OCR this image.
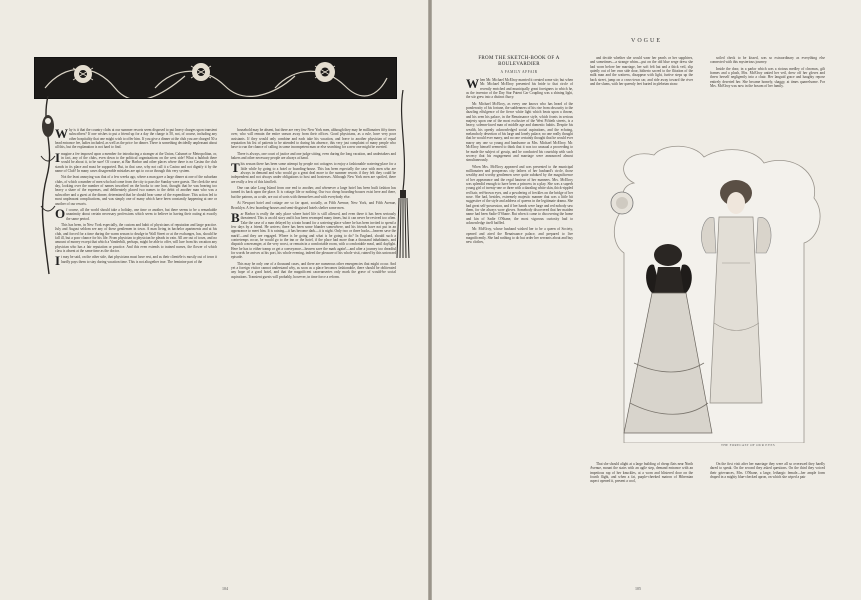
Why is it that the country clubs at our summer resorts seem disposed to put heavy charges upon transient subscribers? If one wishes to put a friend up for a day the charge is 50, not, of course, including any other hospitality that one might wish to offer him. If you give a dinner at the club you are charged 50 a head entrance fee, ladies included, as well as the price for dinner. There is something decidedly unpleasant about all this, but the explanation is not hard to find.

Imagine a fee imposed upon a member for introducing a stranger at the Union, Calumet or Metropolitan, or, in fact, any of the clubs, even down to the political organizations on the west side! What a hubbub there would be about it, to be sure! Of course, at Bar Harbor and other places where there is no Casino the club stands in its place and must be supported. But, in that case, why not call it a Casino and not dignify it by the name of Club? In many cases disagreeable mistakes are apt to occur through this very system.

Not the least annoying was that of a few weeks ago, where a man gave a large dinner at one of the suburban clubs, of which a number of men who had come from the city to pass the Sunday were guests. The clerk the next day, looking over the number of names inscribed on the books to one host, thought that he was bearing too heavy a share of the expenses, and deliberately placed two names to the debit of another man who was a subscriber and a guest at the dinner, determined that he should bear some of the expenditure. This action led to most unpleasant complications, and was simply one of many which have been constantly happening at one or another of our resorts.

Of course, all the world should take a holiday, one time or another, but there seems to be a remarkable unanimity about certain necessary professions which seem to believe in having their outing at exactly the same period.

This has been, in New York especially, the custom and habit of physicians of reputation and large practice. July and August seldom see any of these gentlemen in town. A man living in bachelor apartments and at his club, and forced for a time during the warm season to drudge in Wall Street or at the exchanges, has, should he fall ill, but a poor chance for his life. From physician to physician he pleads in vain. All are out of town, and no amount of money except that which a Vanderbilt, perhaps, might be able to offer, will lure from his vacation any physician who has a fair reputation or practice. And this even extends to trained nurses, the flower of which class is absent at the same time as the doctor.

It may be said, on the other side, that physicians must have rest, and as their clientèle is mostly out of town it hardly pays them to stay during vacation time. This is not altogether true. The feminine part of the

household may be absent, but there are very few New York men, although they may be millionaires fifty times over, who will remain the entire season away from their offices. Good physicians, as a rule, have very poor assistants. If they would only combine and each take his vacation, and leave to another physician of equal reputation his list of patients to be attended to during his absence, this very just complaint of many people who have to run the chance of calling in some incompetent man or else searching for a new one might be averted.

There is always, one court of justice and one judge sitting, even during the long vacation, and undertakers and bakers and other necessary people are always at hand.

This season there has been some attempt by people not cottagers to enjoy a fashionable watering-place for a little while by going to a hotel or boarding-house. This has been especially the case with men who are always in demand and who would go a great deal more to the summer resorts if they felt they could be independent and not always under obligations to host and hostesses. Although New York men are spoiled, there are really a few of this kind left.

One can take Long Island from one end to another, and whenever a large hotel has been built fashion has turned its back upon the place. It is cottage life or nothing. Our two cheap boarding-houses exist here and there, but the patrons, as a rule, are out of sorts with themselves and with everybody else.

At Newport hotel and cottage are so far apart, socially, as Fifth Avenue, New York, and Fifth Avenue, Brooklyn. A few boarding-houses and semi-disguised hotels shelter some men.

Bar Harbor is really the only place where hotel life is still allowed, and even there it has been seriously threatened. This is an old story and it has been revamped many times, but it can never be revived too often. Take the case of a man delayed by a train bound for a watering-place where he has been invited to spend a few days by a friend. He arrives; there has been some blunder somewhere, and his friends have not put in an appearance to meet him. It is raining—it has become dark—it is night. Only two or three hacks—heaven save the mark!—and they are engaged. Where is he going and what is he going to do? In England, should such a contretemps occur, he would go to the inn or the hotel, if the place had more than a thousand inhabitants, and dispatch a messenger, at the very worst, or remain in a comfortable room, with a comfortable meal, until daylight. Here he has to either tramp or get a conveyance—heaven save the mark again!—and after a journey too dreadful for words he arrives at his port, his whole evening, indeed the pleasure of his whole visit, ruined by this untoward episode.

This may be only one of a thousand cases, and there are numerous other emergencies that might occur. And yet a foreign visitor cannot understand why, as soon as a place becomes fashionable, there should be obliterated any hope of a good hotel, and that the magnificent caravanseries only mark the grave of would-be social aspirations. Transient guests will probably, however, in time force a reform.

104
VOGUE
105
FROM THE SKETCH-BOOK OF A BOULEVARDIER
A FAMILY AFFAIR

When Mr. Michael McElroy married it created some stir; but when Mr. Michael McElroy presented his bride to that circle of recently enriched and municipally great foreigners to which he, as the inventor of the Day Star Patent Car Coupling was a shining light, the stir grew into a distinct flurry.

Mr. Michael McElroy, as every one knows who has heard of the ponderosity of his fortune, the suddenness of his rise from obscurity to the dazzling effulgence of the fierce white light which beats upon a throne, and his seen his palace, in the Renaissance style, which fronts in serious majesty upon one of the most exclusive of the West Fiftieth streets, is a heavy, solemn-faced man of middle age and domestic habits. Despite his wealth, his openly acknowledged social aspirations, and the echoing, melancholy desertion of his large and lonely palace, no one really thought that he would ever marry, and no one certainly thought that he would ever marry any one so young and handsome as Mrs. Michael McElroy. Mr. McElroy himself seemed to think that it was too unusual a proceeding to be made the subject of gossip, and he conducted his courtship with such secrecy that his engagement and marriage were announced almost simultaneously.

When Mrs. McElroy appeared and was presented to the municipal millionaires and prosperous city fathers of her husband's circle, those wealthy and worthy gentlemen were quite subdued by the magnificence of her appearance and the regal hauteur of her manners. Mrs. McElroy was splendid enough to have been a princess in a play. She was a superb young girl of twenty-one or three with a dazzling white skin, thick-rippled red hair, red-brown eyes, and a powdering of freckles on the bridge of her nose. She had, besides, extremely majestic manner that was a little bit suggestive of the style and address of queens in the legitimate drama. She had great self-possession, and if her hands were large and red nobody saw them, for she always wore gloves. Somebody discovered that her maiden name had been Sadie O'Shane. But when it came to discovering the home and kin of Sadie O'Shane, the most vigorous curiosity had to acknowledge itself baffled.

Mr. McElroy, whose husband wished her to be a queen of Society, opened and aired the Renaissance palace, and prepared to live magnificently. She had nothing to do but order her servants about and buy new clothes,

and decide whether she would wear her pearls or her sapphires, and sometimes—a strange whim—put on the old blue serge dress she had worn before her marriage, her soft felt hat and a thick veil, slip quietly out of her own side door, hitherto sacred to the flitation of the milk man and the waitress, disappear with light, furtive steps up the back street, jump on a cross-town car, and ride away toward the river and the slums, with her queenly feet buried in plebeian straw.

soiled check to be kissed, was so extraordinary as everything else connected with this mysterious journey.

Inside the door, in a parlor which was a riotous medley of chromos, gilt frames and a plush, Mrs. McElroy untied her veil, drew off her gloves and threw herself negligently into a chair. Her languid grace and haughty repose entirely deserted her. She became homely, shaggy, at times quarrelsome. For Mrs. McElroy was now in the bosom of her family.

THE FORECAST OF OUR EYES

That she should alight at a large building of cheap flats near Ninth Avenue, mount the stairs with an agile step, demand entrance with an impetious rap of her knuckles, at a worn and blistered door on the fourth flight, and when a fat, purple-cheeked matron of Hibernian aspect opened it, present a cool,

On the first visit after her marriage they were all so overawed they hardly dared to speak. On the second they asked questions. On the third they voiced their grievances, Mrs. O'Shane, a large, lethargic female—her ample form draped in a mighty blue-checked apron, on which she wiped a pair
